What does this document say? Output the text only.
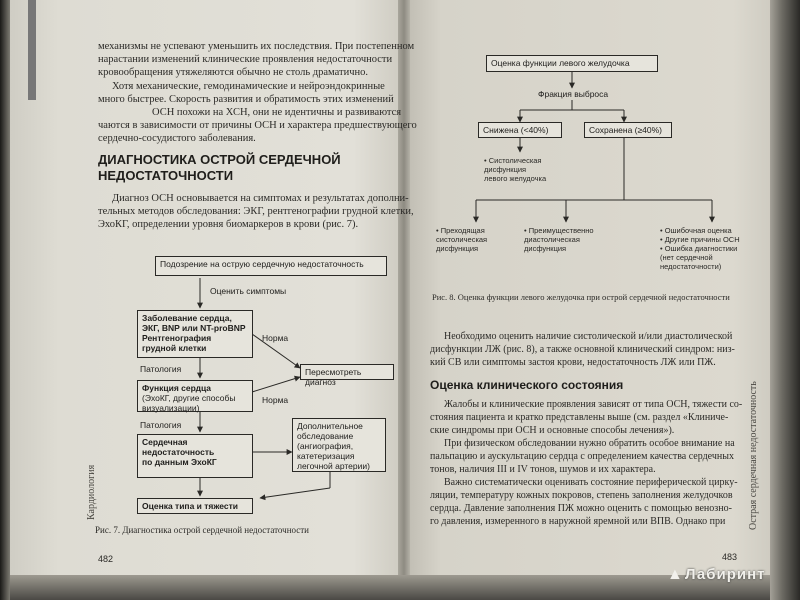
механизмы не успевают уменьшить их последствия. При постепенном
нарастании изменений клинические проявления недостаточности
кровообращения утяжеляются обычно не столь драматично.
Хотя механические, гемодинамические и нейроэндокринные
много быстрее. Скорость развития и обратимость этих изменений
ОСН похожи на ХСН, они не идентичны и развиваются
чаются в зависимости от причины ОСН и характера предшествующего
сердечно-сосудистого заболевания.
ДИАГНОСТИКА ОСТРОЙ СЕРДЕЧНОЙ
НЕДОСТАТОЧНОСТИ
Диагноз ОСН основывается на симптомах и результатах дополни-
тельных методов обследования: ЭКГ, рентгенографии грудной клетки,
ЭхоКГ, определении уровня биомаркеров в крови (рис. 7).
Подозрение на острую сердечную недостаточность
Оценить симптомы
Заболевание сердца,
ЭКГ, BNP или NT-proBNP
Рентгенография
грудной клетки
Норма
Патология
Функция сердца
(ЭхоКГ, другие способы
визуализации)
Пересмотреть диагноз
Норма
Патология
Сердечная
недостаточность
по данным ЭхоКГ
Дополнительное
обследование
(ангиография,
катетеризация
легочной артерии)
Оценка типа и тяжести
Рис. 7. Диагностика острой сердечной недостаточности
482
Кардиология
Оценка функции левого желудочка
Фракция выброса
Снижена (<40%)	Сохранена (≥40%)
• Систолическая
дисфункция
левого желудочка
• Преходящая
систолическая
дисфункция
• Преимущественно
диастолическая
дисфункция
• Ошибочная оценка
• Другие причины ОСН
• Ошибка диагностики
(нет сердечной
недостаточности)
Рис. 8. Оценка функции левого желудочка при острой сердечной недостаточности
Необходимо оценить наличие систолической и/или диастолической
дисфункции ЛЖ (рис. 8), а также основной клинический синдром: низ-
кий СВ или симптомы застоя крови, недостаточность ЛЖ или ПЖ.
Оценка клинического состояния
Жалобы и клинические проявления зависят от типа ОСН, тяжести со-
стояния пациента и кратко представлены выше (см. раздел «Клиниче-
ские синдромы при ОСН и основные способы лечения»).
При физическом обследовании нужно обратить особое внимание на
пальпацию и аускультацию сердца с определением качества сердечных
тонов, наличия III и IV тонов, шумов и их характера.
Важно систематически оценивать состояние периферической цирку-
ляции, температуру кожных покровов, степень заполнения желудочков
сердца. Давление заполнения ПЖ можно оценить с помощью венозно-
го давления, измеренного в наружной яремной или ВПВ. Однако при
483
Острая сердечная недостаточность
▲ Лабиринт
